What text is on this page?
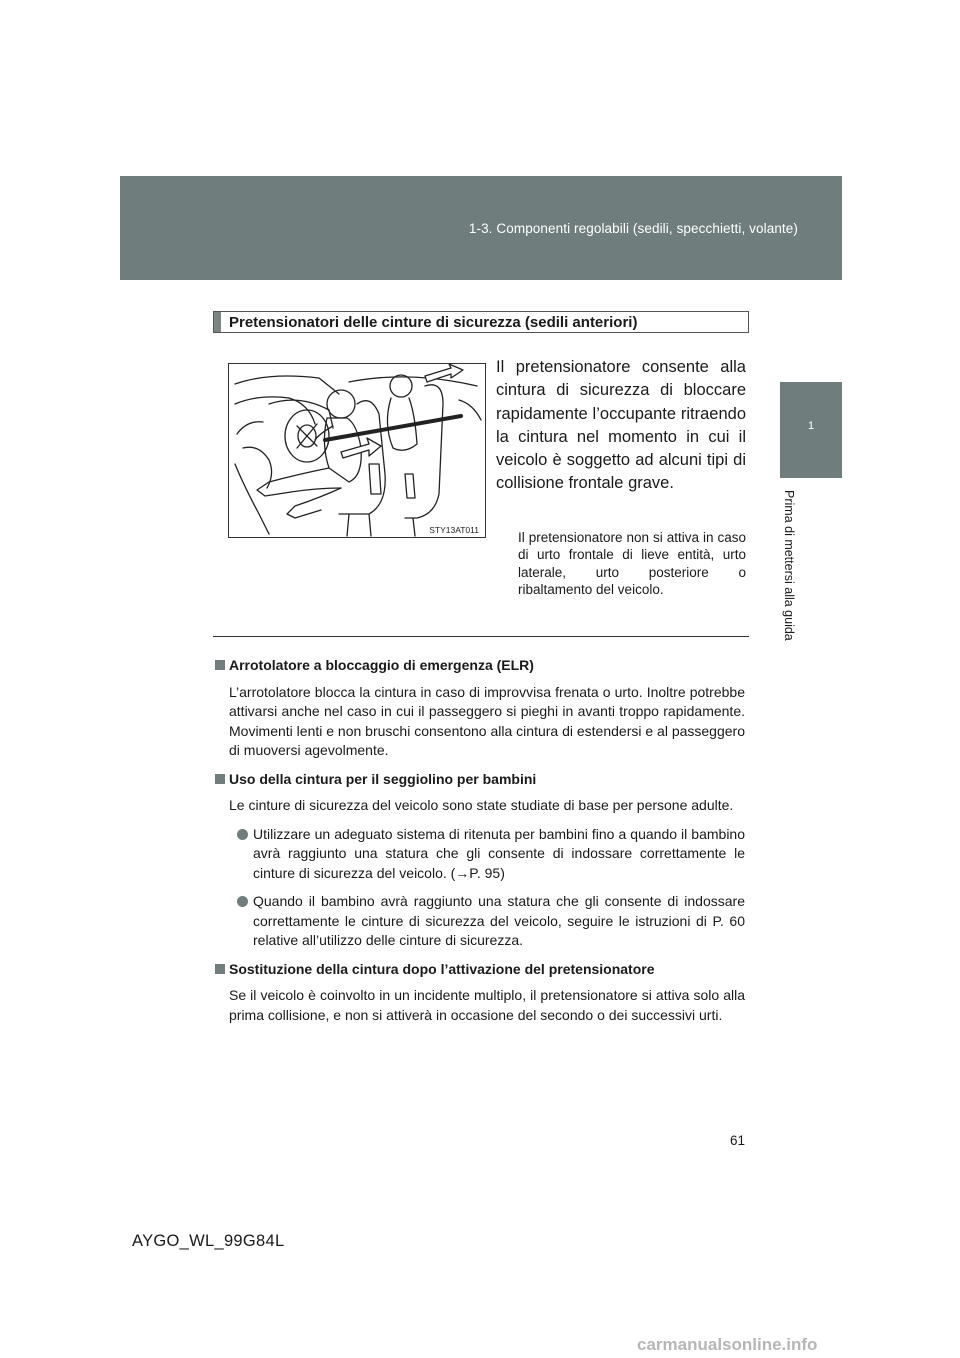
1-3. Componenti regolabili (sedili, specchietti, volante)
1
Prima di mettersi alla guida
Pretensionatori delle cinture di sicurezza (sedili anteriori)
STY13AT011
Il pretensionatore consente alla cintura di sicurezza di bloccare rapidamente l’occupante ritraendo la cintura nel momento in cui il veicolo è soggetto ad alcuni tipi di collisione frontale grave.
Il pretensionatore non si attiva in caso di urto frontale di lieve entità, urto laterale, urto posteriore o ribaltamento del veicolo.
Arrotolatore a bloccaggio di emergenza (ELR)
L’arrotolatore blocca la cintura in caso di improvvisa frenata o urto. Inoltre potrebbe attivarsi anche nel caso in cui il passeggero si pieghi in avanti troppo rapidamente. Movimenti lenti e non bruschi consentono alla cintura di estendersi e al passeggero di muoversi agevolmente.
Uso della cintura per il seggiolino per bambini
Le cinture di sicurezza del veicolo sono state studiate di base per persone adulte.
Utilizzare un adeguato sistema di ritenuta per bambini fino a quando il bambino avrà raggiunto una statura che gli consente di indossare correttamente le cinture di sicurezza del veicolo. (→P. 95)
Quando il bambino avrà raggiunto una statura che gli consente di indossare correttamente le cinture di sicurezza del veicolo, seguire le istruzioni di P. 60 relative all’utilizzo delle cinture di sicurezza.
Sostituzione della cintura dopo l’attivazione del pretensionatore
Se il veicolo è coinvolto in un incidente multiplo, il pretensionatore si attiva solo alla prima collisione, e non si attiverà in occasione del secondo o dei successivi urti.
61
AYGO_WL_99G84L
carmanualsonline.info
